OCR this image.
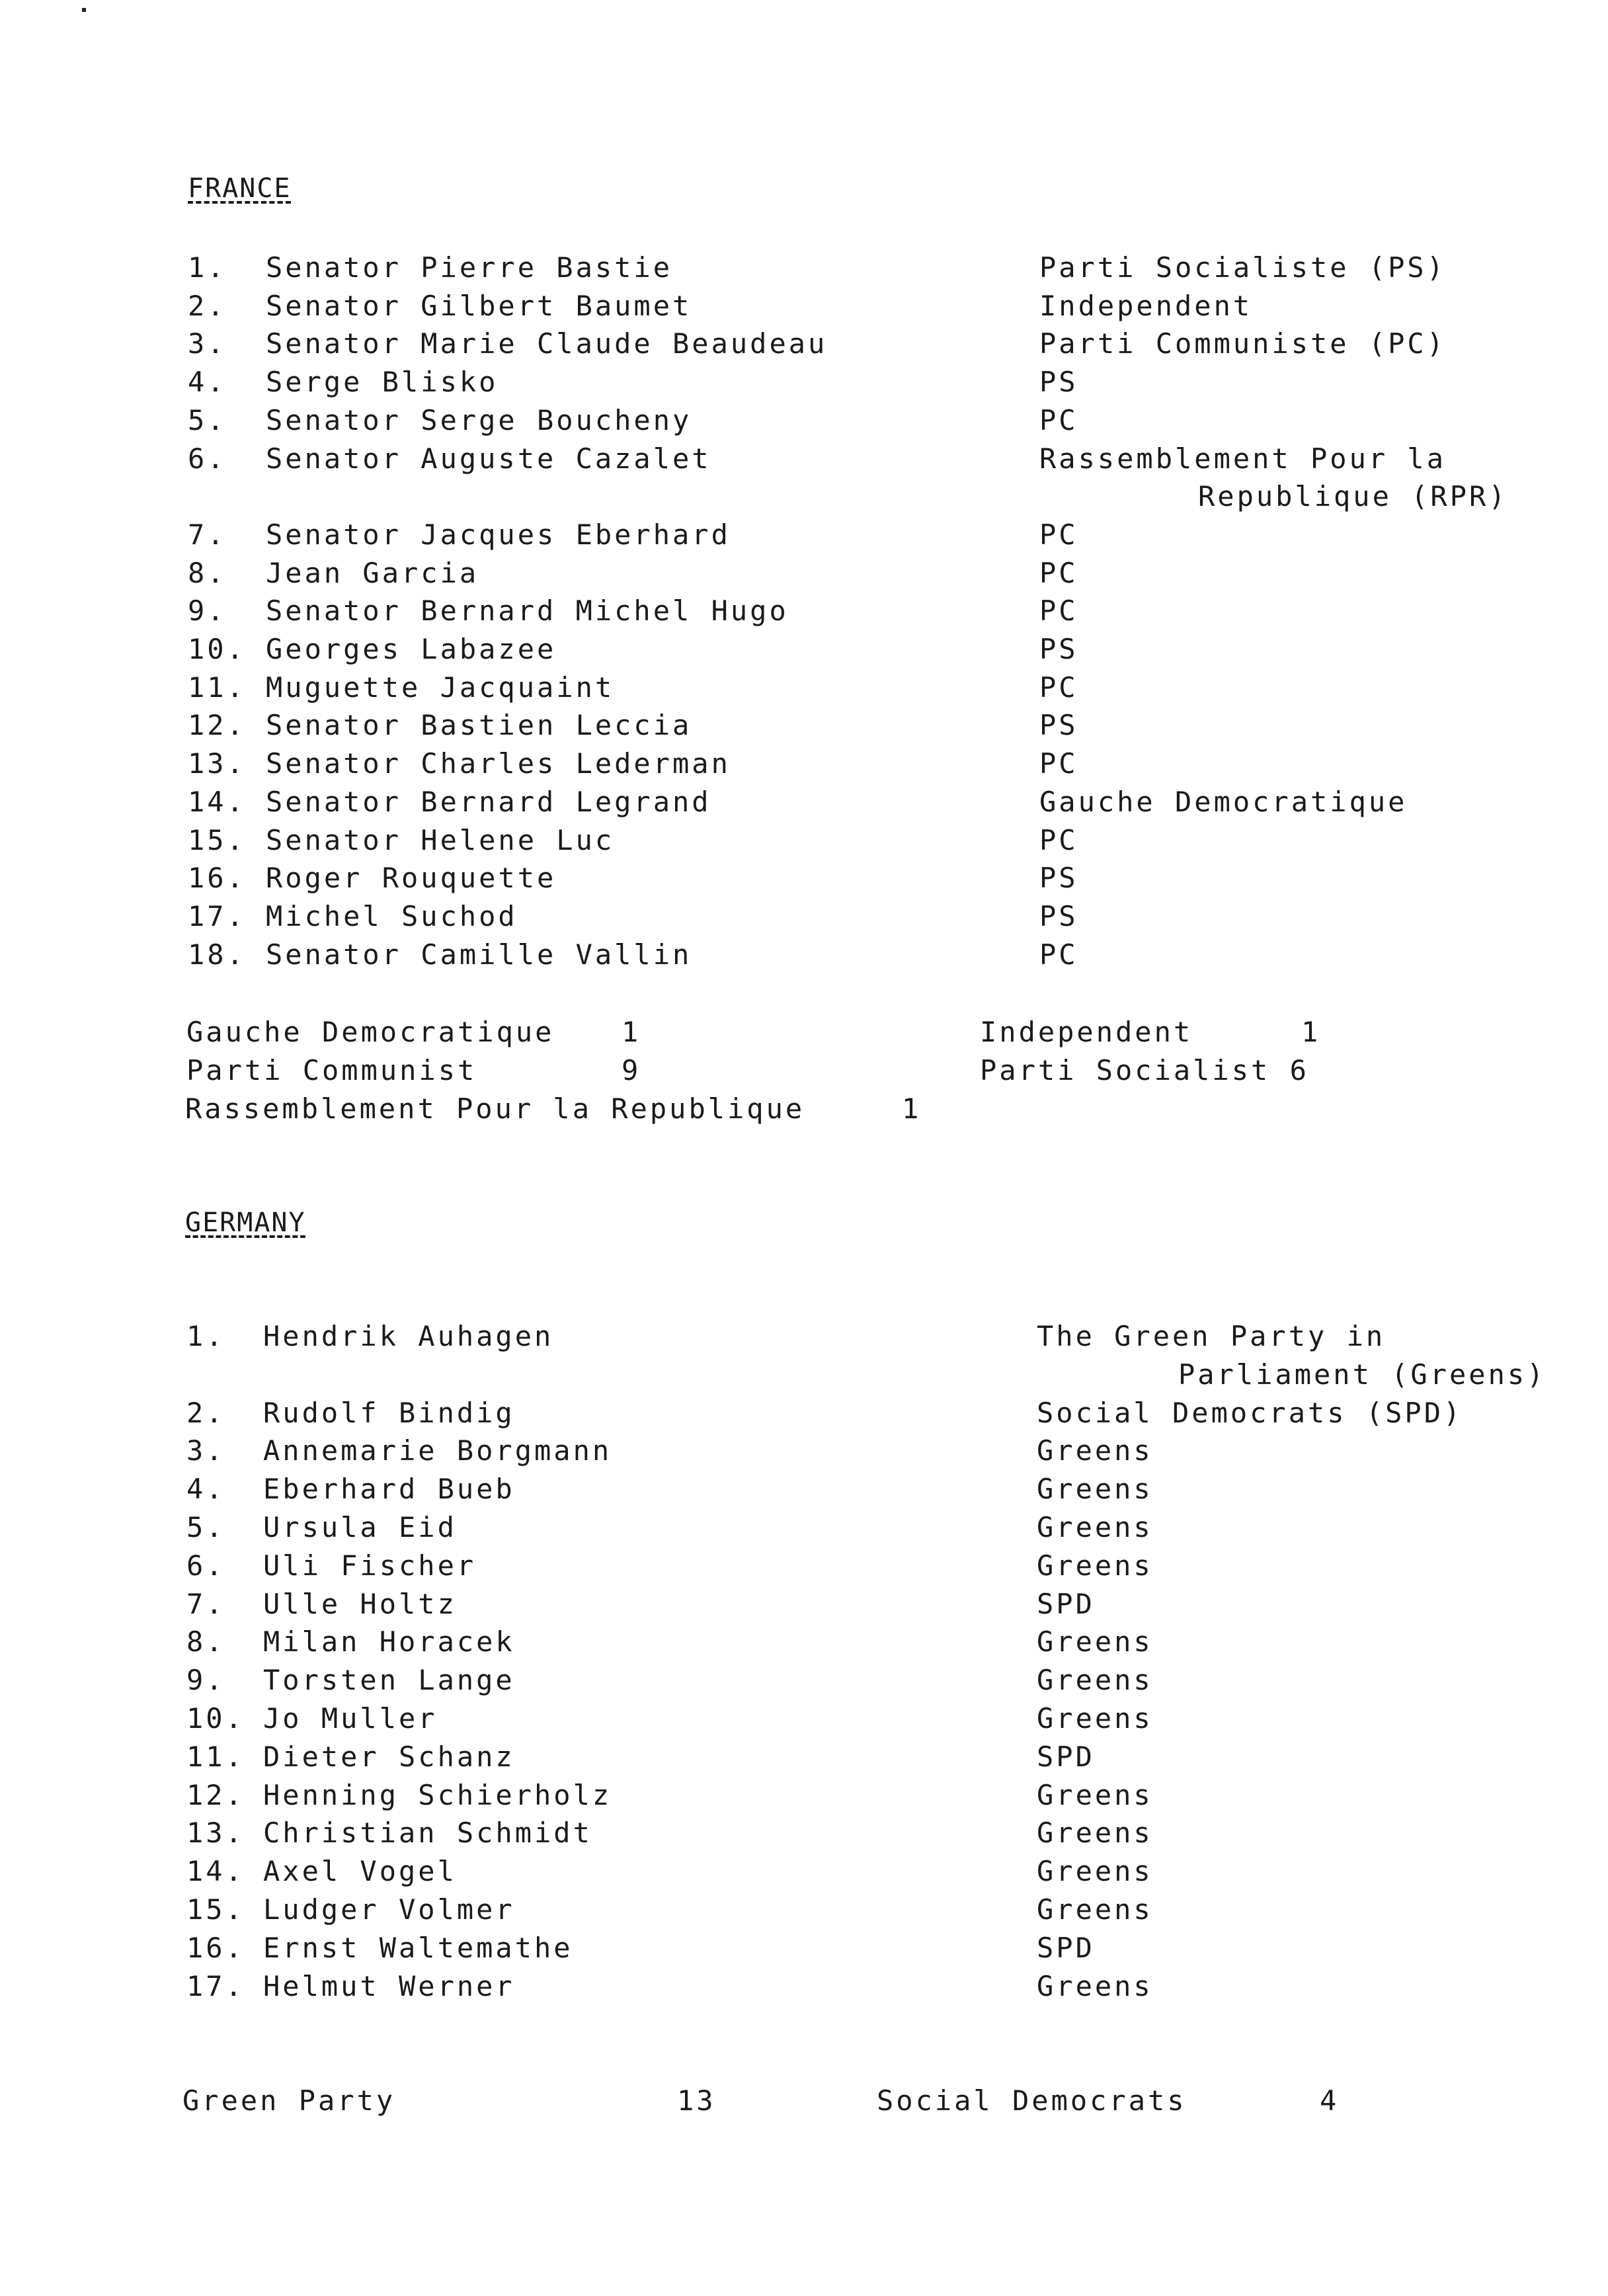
FRANCE
1. Senator Pierre Bastie	Parti Socialiste (PS)
2. Senator Gilbert Baumet	Independent
3. Senator Marie Claude Beaudeau	Parti Communiste (PC)
4. Serge Blisko	PS
5. Senator Serge Boucheny	PC
6. Senator Auguste Cazalet	Rassemblement Pour la
Republique (RPR)
7. Senator Jacques Eberhard	PC
8. Jean Garcia	PC
9. Senator Bernard Michel Hugo	PC
10. Georges Labazee	PS
11. Muguette Jacquaint	PC
12. Senator Bastien Leccia	PS
13. Senator Charles Lederman	PC
14. Senator Bernard Legrand	Gauche Democratique
15. Senator Helene Luc	PC
16. Roger Rouquette	PS
17. Michel Suchod	PS
18. Senator Camille Vallin	PC
Gauche Democratique 1	Independent	1
Parti Communist	9	Parti Socialist 6
Rassemblement Pour la Republique	1
GERMANY
1. Hendrik Auhagen	The Green Party in
Parliament (Greens)
2. Rudolf Bindig	Social Democrats (SPD)
3. Annemarie Borgmann	Greens
4. Eberhard Bueb	Greens
5. Ursula Eid	Greens
6. Uli Fischer	Greens
7. Ulle Holtz	SPD
8. Milan Horacek	Greens
9. Torsten Lange	Greens
10. Jo Muller	Greens
11. Dieter Schanz	SPD
12. Henning Schierholz	Greens
13. Christian Schmidt	Greens
14. Axel Vogel	Greens
15. Ludger Volmer	Greens
16. Ernst Waltemathe	SPD
17. Helmut Werner	Greens
Green Party	13	Social Democrats	4
